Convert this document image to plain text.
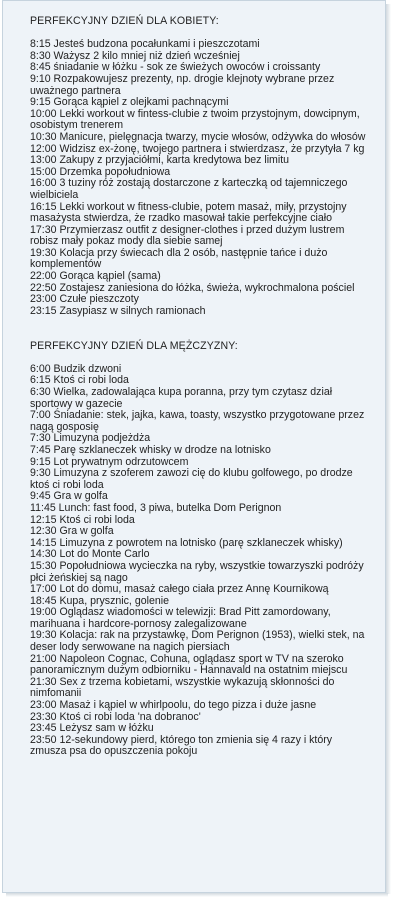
PERFEKCYJNY DZIEŃ DLA KOBIETY:
8:15 Jesteś budzona pocałunkami i pieszczotami
8:30 Ważysz 2 kilo mniej niż dzień wcześniej
8:45 śniadanie w łóżku - sok ze świeżych owoców i croissanty
9:10 Rozpakowujesz prezenty, np. drogie klejnoty wybrane przez uważnego partnera
9:15 Gorąca kąpiel z olejkami pachnącymi
10:00 Lekki workout w fintess-clubie z twoim przystojnym, dowcipnym, osobistym trenerem
10:30 Manicure, pielęgnacja twarzy, mycie włosów, odżywka do włosów
12:00 Widzisz ex-żonę, twojego partnera i stwierdzasz, że przytyła 7 kg
13:00 Zakupy z przyjaciółmi, karta kredytowa bez limitu
15:00 Drzemka popołudniowa
16:00 3 tuziny róż zostają dostarczone z karteczką od tajemniczego wielbiciela
16:15 Lekki workout w fitness-clubie, potem masaż, miły, przystojny masażysta stwierdza, że rzadko masował takie perfekcyjne ciało
17:30 Przymierzasz outfit z designer-clothes i przed dużym lustrem robisz mały pokaz mody dla siebie samej
19:30 Kolacja przy świecach dla 2 osób, następnie tańce i dużo komplementów
22:00 Gorąca kąpiel (sama)
22:50 Zostajesz zaniesiona do łóżka, świeża, wykrochmalona pościel
23:00 Czułe pieszczoty
23:15 Zasypiasz w silnych ramionach
PERFEKCYJNY DZIEŃ DLA MĘŻCZYZNY:
6:00 Budzik dzwoni
6:15 Ktoś ci robi loda
6:30 Wielka, zadowalająca kupa poranna, przy tym czytasz dział sportowy w gazecie
7:00 Śniadanie: stek, jajka, kawa, toasty, wszystko przygotowane przez nagą gosposię
7:30 Limuzyna podjeżdża
7:45 Parę szklaneczek whisky w drodze na lotnisko
9:15 Lot prywatnym odrzutowcem
9:30 Limuzyna z szoferem zawozi cię do klubu golfowego, po drodze ktoś ci robi loda
9:45 Gra w golfa
11:45 Lunch: fast food, 3 piwa, butelka Dom Perignon
12:15 Ktoś ci robi loda
12:30 Gra w golfa
14:15 Limuzyna z powrotem na lotnisko (parę szklaneczek whisky)
14:30 Lot do Monte Carlo
15:30 Popołudniowa wycieczka na ryby, wszystkie towarzyszki podróży płci żeńskiej są nago
17:00 Lot do domu, masaż całego ciała przez Annę Kournikową
18:45 Kupa, prysznic, golenie
19:00 Oglądasz wiadomości w telewizji: Brad Pitt zamordowany, marihuana i hardcore-pornosy zalegalizowane
19:30 Kolacja: rak na przystawkę, Dom Perignon (1953), wielki stek, na deser lody serwowane na nagich piersiach
21:00 Napoleon Cognac, Cohuna, oglądasz sport w TV na szeroko panoramicznym dużym odbiorniku - Hannavald na ostatnim miejscu
21:30 Sex z trzema kobietami, wszystkie wykazują skłonności do nimfomanii
23:00 Masaż i kąpiel w whirlpoolu, do tego pizza i duże jasne
23:30 Ktoś ci robi loda 'na dobranoc'
23:45 Leżysz sam w łóżku
23:50 12-sekundowy pierd, którego ton zmienia się 4 razy i który zmusza psa do opuszczenia pokoju
